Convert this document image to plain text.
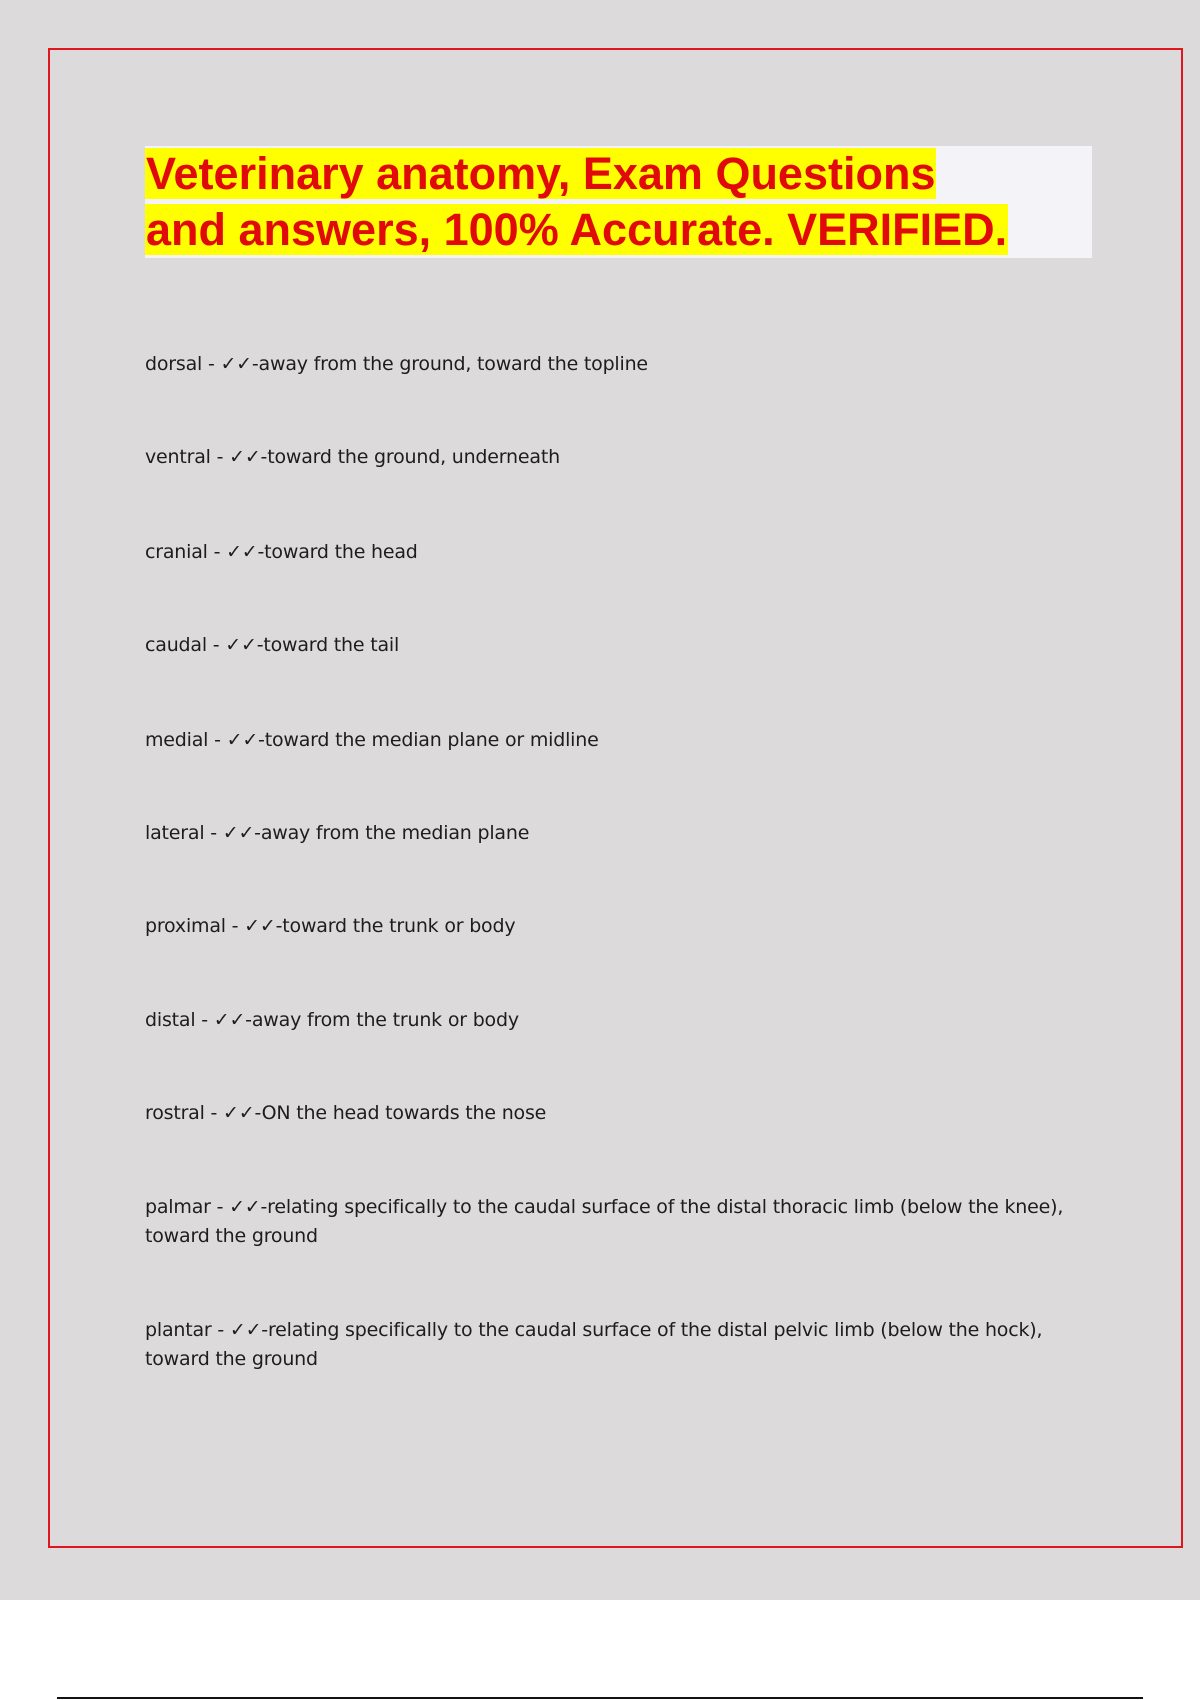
Veterinary anatomy, Exam Questions
and answers, 100% Accurate. VERIFIED.
dorsal - ✓✓-away from the ground, toward the topline
ventral - ✓✓-toward the ground, underneath
cranial - ✓✓-toward the head
caudal - ✓✓-toward the tail
medial - ✓✓-toward the median plane or midline
lateral - ✓✓-away from the median plane
proximal - ✓✓-toward the trunk or body
distal - ✓✓-away from the trunk or body
rostral - ✓✓-ON the head towards the nose
palmar - ✓✓-relating specifically to the caudal surface of the distal thoracic limb (below the knee), toward the ground
plantar - ✓✓-relating specifically to the caudal surface of the distal pelvic limb (below the hock), toward the ground
